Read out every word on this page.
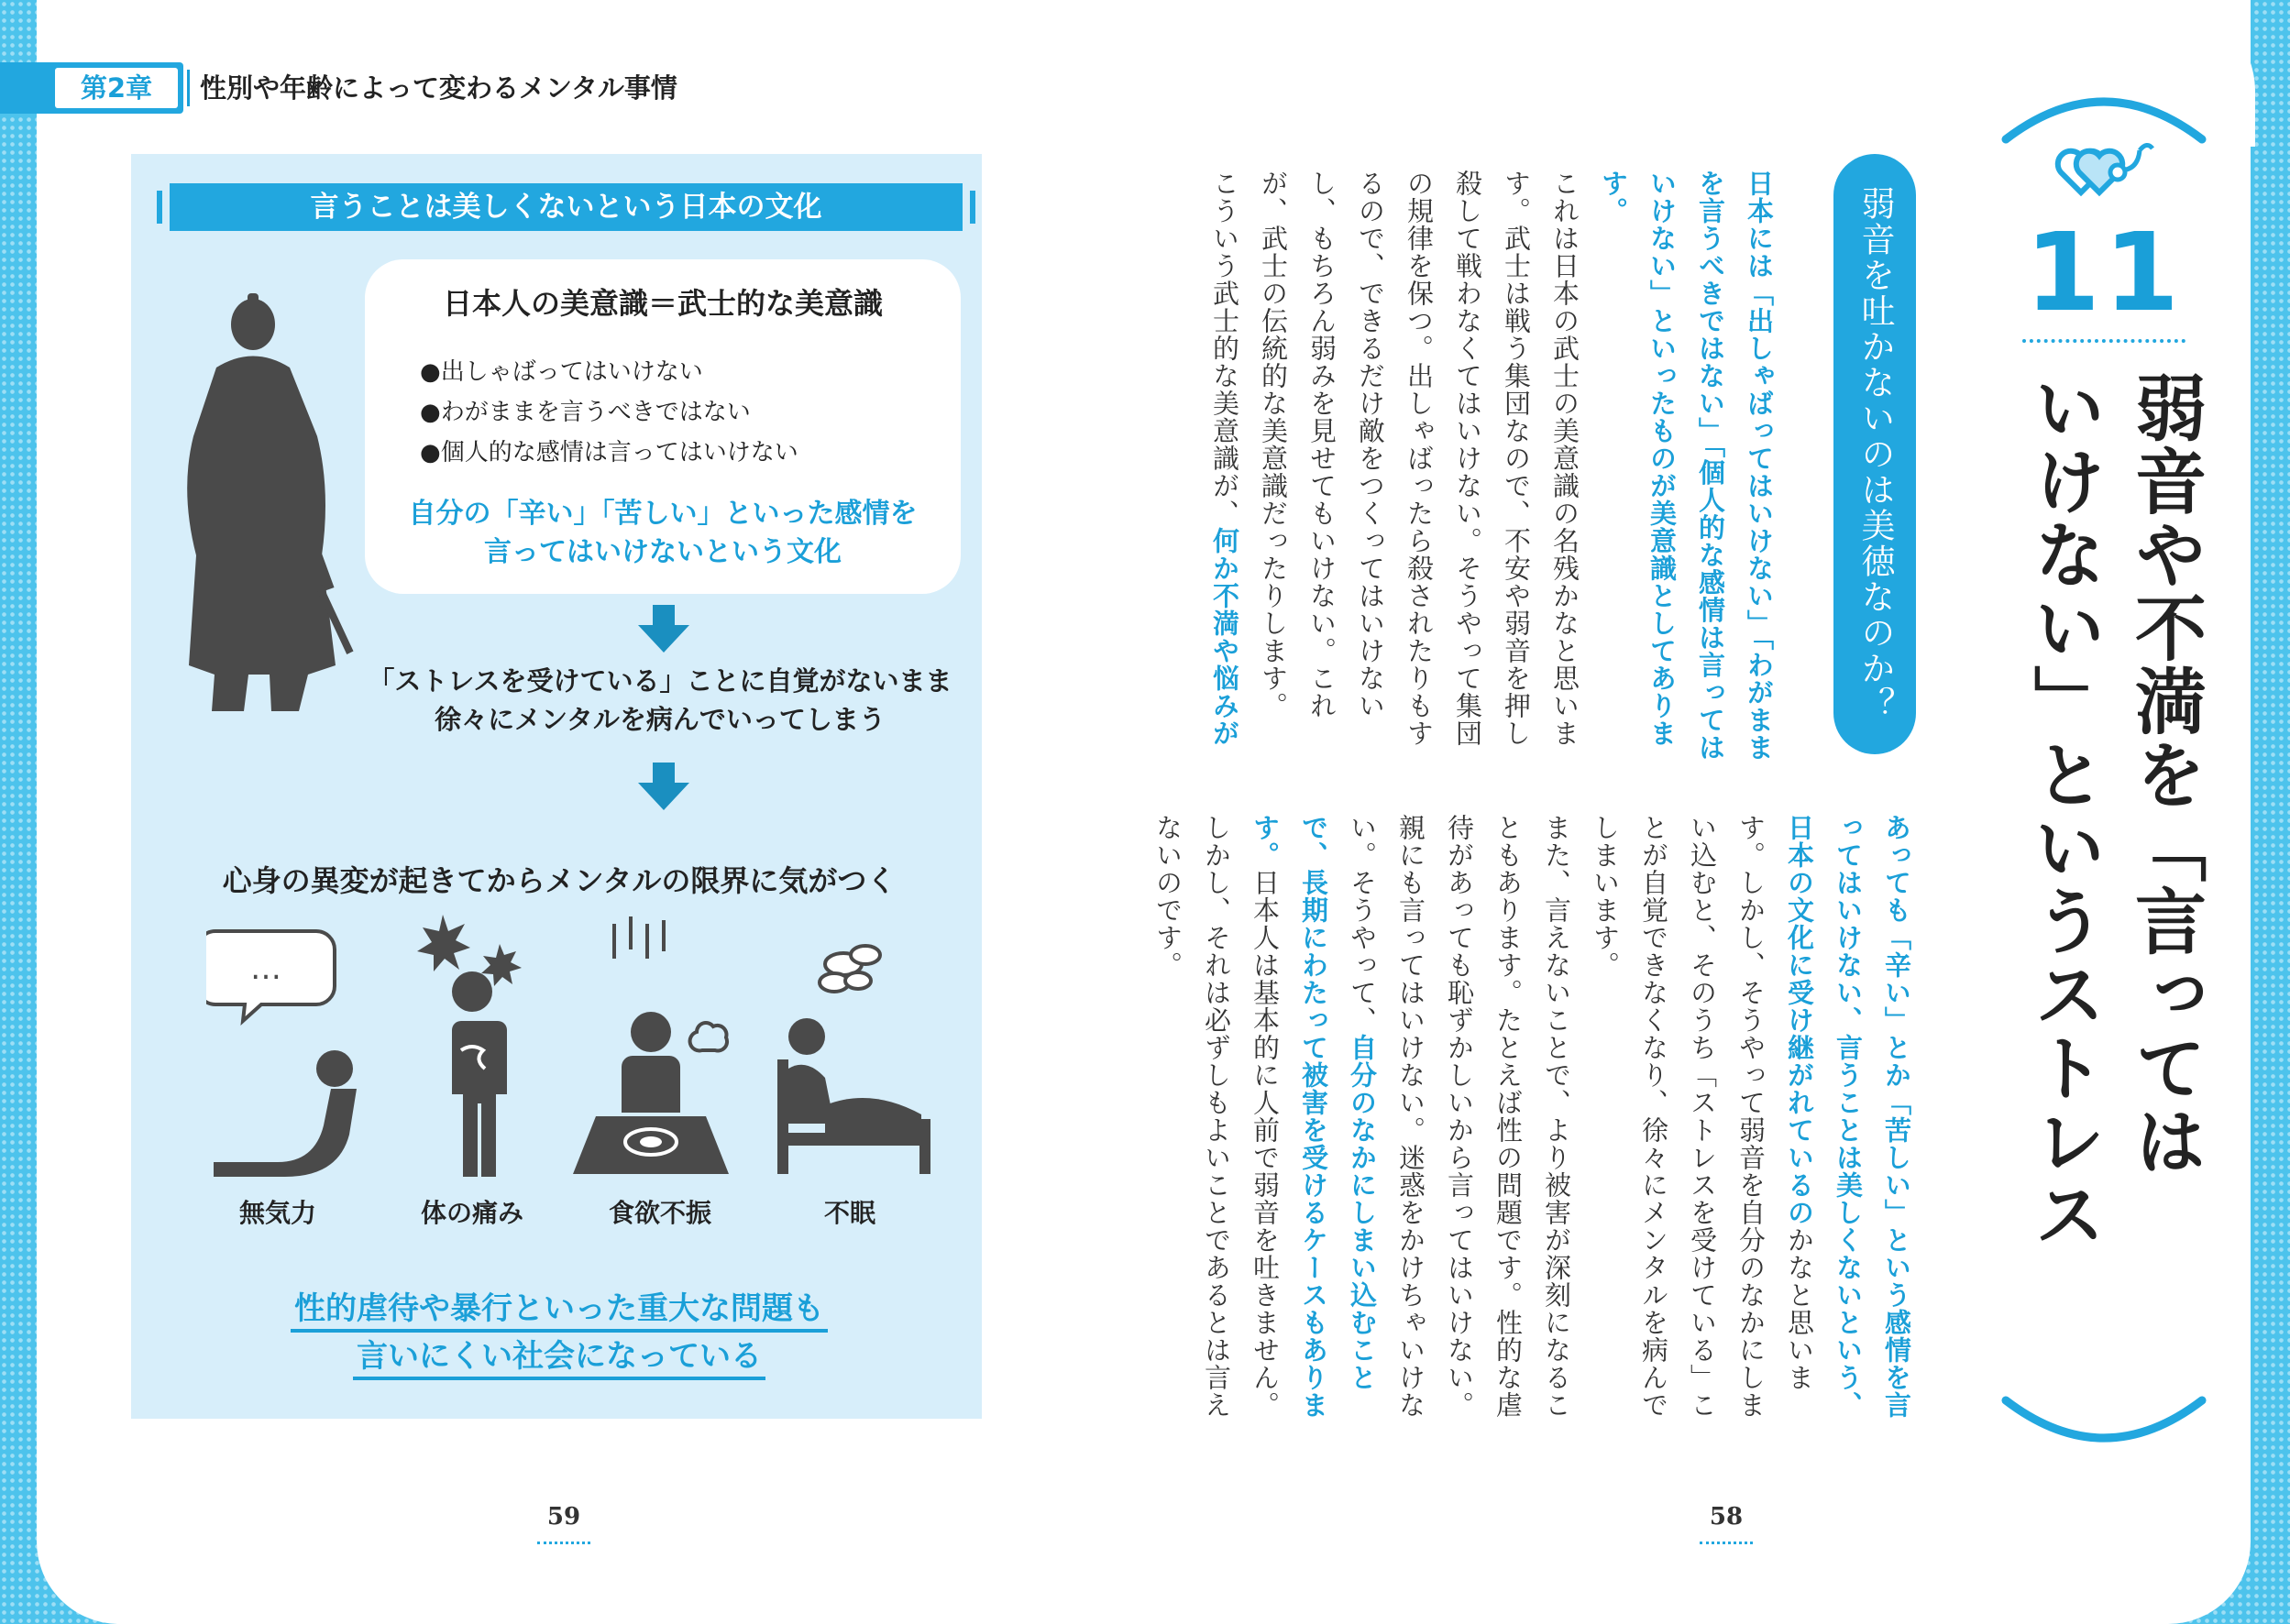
第2章	性別や年齢によって変わるメンタル事情
言うことは美しくないという日本の文化
日本人の美意識＝武士的な美意識
● 出しゃばってはいけない
● わがままを言うべきではない
● 個人的な感情は言ってはいけない
自分の「辛い」「苦しい」といった感情を
言ってはいけないという文化
「ストレスを受けている」ことに自覚がないまま
徐々にメンタルを病んでいってしまう
心身の異変が起きてからメンタルの限界に気がつく
…
無気力	体の痛み	食欲不振	不眠
性的虐待や暴行といった重大な問題も
言いにくい社会になっている
59	58
11
弱音や不満を「言っては
いけない」というストレス
弱音を吐かないのは美徳なのか？
日本には「出しゃばってはいけない」「わがままを言うべきではない」「個人的な感情は言ってはいけない」といったものが美意識としてあります。
これは日本の武士の美意識の名残かなと思います。武士は戦う集団なので、不安や弱音を押し殺して戦わなくてはいけない。そうやって集団の規律を保つ。出しゃばったら殺されたりもするので、できるだけ敵をつくってはいけないし、もちろん弱みを見せてもいけない。これが、武士の伝統的な美意識だったりします。
こういう武士的な美意識が、何か不満や悩みが
あっても「辛い」とか「苦しい」という感情を言ってはいけない、言うことは美しくないという、日本の文化に受け継がれているのかなと思います。しかし、そうやって弱音を自分のなかにしまい込むと、そのうち「ストレスを受けている」ことが自覚できなくなり、徐々にメンタルを病んでしまいます。
また、言えないことで、より被害が深刻になることもあります。たとえば性の問題です。性的な虐待があっても恥ずかしいから言ってはいけない。親にも言ってはいけない。迷惑をかけちゃいけない。そうやって、自分のなかにしまい込むことで、長期にわたって被害を受けるケースもあります。日本人は基本的に人前で弱音を吐きません。しかし、それは必ずしもよいことであるとは言えないのです。
